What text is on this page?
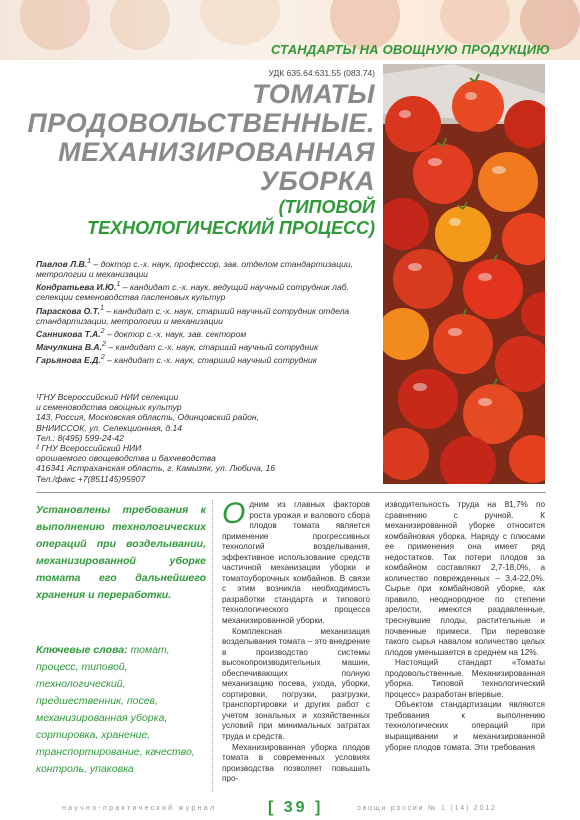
СТАНДАРТЫ НА ОВОЩНУЮ ПРОДУКЦИЮ
УДК 635.64:631.55 (083.74)
ТОМАТЫ
ПРОДОВОЛЬСТВЕННЫЕ.
МЕХАНИЗИРОВАННАЯ
УБОРКА
(ТИПОВОЙ
ТЕХНОЛОГИЧЕСКИЙ ПРОЦЕСС)
Павлов Л.В.$^1$ – доктор с.-х. наук, профессор, зав. отделом стандартизации, метрологии и механизации
Кондратьева И.Ю.$^1$ – кандидат с.-х. наук, ведущий научный сотрудник лаб. селекции семеноводства пасленовых культур
Параскова О.Т.$^1$ – кандидат с.-х. наук, старший научный сотрудник отдела стандартизации, метрологии и механизации
Санникова Т.А.$^2$ – доктор с.-х. наук, зав. сектором
Мачулкина В.А.$^2$ – кандидат с.-х. наук, старший научный сотрудник
Гарьянова Е.Д.$^2$ – кандидат с.-х. наук, старший научный сотрудник
¹ГНУ Всероссийский НИИ селекции
и семеноводства овощных культур
143, Россия, Московская область, Одинцовский район,
ВНИИССОК, ул. Селекционная, д.14
Тел.: 8(495) 599-24-42
² ГНУ Всероссийский НИИ
орошаемого овощеводства и бахчеводства
416341 Астраханская область, г. Камызяк, ул. Любича, 16
Тел./факс +7(851145)95907
Установлены требования к выполнению технологических операций при возделывании, механизированной уборке томата его дальнейшего хранения и переработки.
Ключевые слова: томат, процесс, типовой, технологический, предшественник, посев, механизированная уборка, сортировка, хранение, транспортирование, качество, контроль, упаковка

Одним из главных факторов роста урожая и валового сбора плодов томата является применение прогрессивных технологий возделывания, эффективное использование средств частичной механизации уборки и томатоуборочных комбайнов. В связи с этим возникла необходимость разработки стандарта и типового технологического процесса механизированной уборки.

Комплексная механизация возделывания томата – это внедрение в производство системы высокопроизводительных машин, обеспечивающих полную механизацию посева, ухода, уборки, сортировки, погрузки, разгрузки, транспортировки и других работ с учетом зональных и хозяйственных условий при минимальных затратах труда и средств.

Механизированная уборка плодов томата в современных условиях производства позволяет повышать про-

изводительность труда на 81,7% по сравнению с ручной. К механизированной уборке относится комбайновая уборка. Наряду с плюсами ее применения она имеет ряд недостатков. Так потери плодов за комбайном составляют 2,7-18,0%, а количество поврежденных – 3,4-22,0%. Сырье при комбайновой уборке, как правило, неоднородное по степени зрелости, имеются раздавленные, треснувшие плоды, растительные и почвенные примеси. При перевозке такого сырья навалом количество целых плодов уменьшается в среднем на 12%.

Настоящий стандарт «Томаты продовольственные. Механизированная уборка. Типовой технологический процесс» разработан впервые.

Объектом стандартизации являются требования к выполнению технологических операций при выращивании и механизированной уборке плодов томата. Эти требования

научно-практический журнал	[ 39 ]	овощи россии № 1 (14) 2012
